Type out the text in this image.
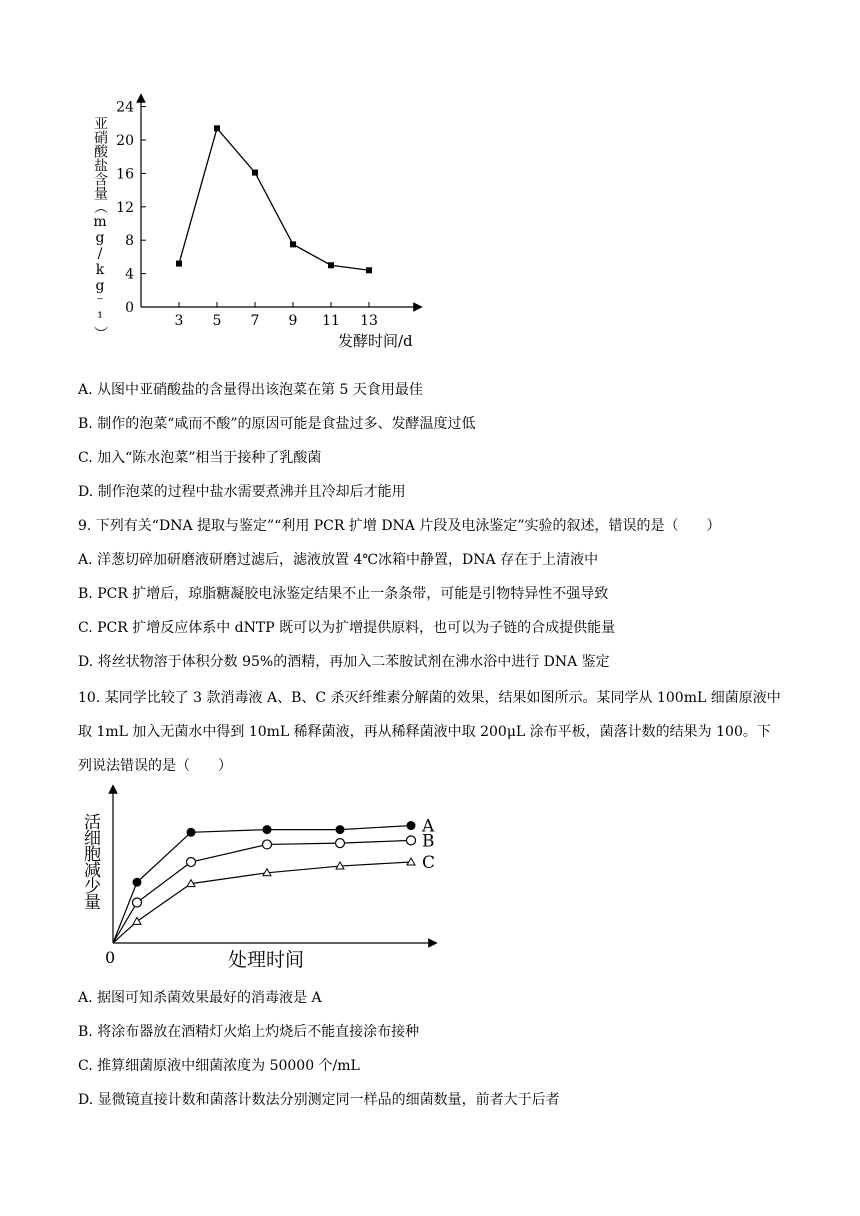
0
4
8
12
16
20
24
3 5 7 9 11 13
亚硝酸盐含量（mg/kg⁻¹）
发酵时间/d
A. 从图中亚硝酸盐的含量得出该泡菜在第 5 天食用最佳
B. 制作的泡菜“咸而不酸”的原因可能是食盐过多、发酵温度过低
C. 加入“陈水泡菜”相当于接种了乳酸菌
D. 制作泡菜的过程中盐水需要煮沸并且冷却后才能用
9. 下列有关“DNA 提取与鉴定”“利用 PCR 扩增 DNA 片段及电泳鉴定”实验的叙述，错误的是（　　）
A. 洋葱切碎加研磨液研磨过滤后，滤液放置 4℃冰箱中静置，DNA 存在于上清液中
B. PCR 扩增后，琼脂糖凝胶电泳鉴定结果不止一条条带，可能是引物特异性不强导致
C. PCR 扩增反应体系中 dNTP 既可以为扩增提供原料，也可以为子链的合成提供能量
D. 将丝状物溶于体积分数 95%的酒精，再加入二苯胺试剂在沸水浴中进行 DNA 鉴定
10. 某同学比较了 3 款消毒液 A、B、C 杀灭纤维素分解菌的效果，结果如图所示。某同学从 100mL 细菌原液中取 1mL 加入无菌水中得到 10mL 稀释菌液，再从稀释菌液中取 200μL 涂布平板，菌落计数的结果为 100。下列说法错误的是（　　）
0
活细胞减少量
处理时间
A
B
C
A. 据图可知杀菌效果最好的消毒液是 A
B. 将涂布器放在酒精灯火焰上灼烧后不能直接涂布接种
C. 推算细菌原液中细菌浓度为 50000 个/mL
D. 显微镜直接计数和菌落计数法分别测定同一样品的细菌数量，前者大于后者
